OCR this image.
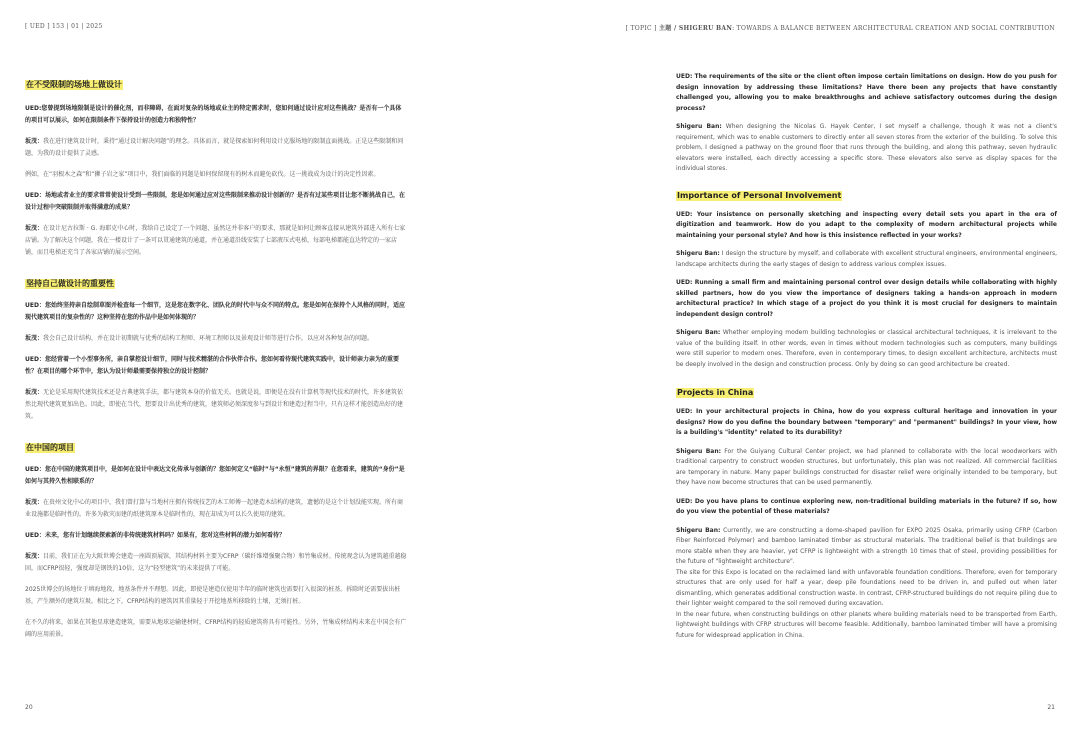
[ UED ] 153 | 01 | 2025
在不受限制的场地上做设计

UED:您曾提到场地限制是设计的催化剂，而非障碍，在面对复杂的场地或业主的特定需求时，您如何通过设计应对这些挑战？是否有一个具体的项目可以展示，如何在限制条件下保持设计的创造力和独特性？

坂茂：我在进行建筑设计时，秉持“通过设计解决问题”的理念。具体而言，就是探索如何利用设计克服场地的限制直面挑战。正是这些限制和问题，为我的设计提供了灵感。

例如，在“羽根木之森”和“狮子岩之家”项目中，我们面临的问题是如何保留现有的树木而避免砍伐。这一挑战成为设计的决定性因素。

UED：场地或者业主的要求常常使设计受到一些限制，您是如何通过应对这些限制来推动设计创新的？是否有过某些项目让您不断挑战自己，在设计过程中突破限制并取得满意的成果？

坂茂：在设计尼古拉斯 · G. 海耶克中心时，我给自己设定了一个问题，虽然这并非客户的要求，那就是如何让顾客直接从建筑外部进入所有七家店铺。为了解决这个问题，我在一楼设计了一条可以贯通建筑的通道，并在通道沿线安装了七部液压式电梯，每部电梯都能直达特定的一家店铺，而且电梯还充当了各家店铺的展示空间。

坚持自己做设计的重要性

UED：您始终坚持亲自绘制草图并检查每一个细节，这是您在数字化、团队化的时代中与众不同的特点。您是如何在保持个人风格的同时，适应现代建筑项目的复杂性的？这种坚持在您的作品中是如何体现的？

坂茂：我会自己设计结构，并在设计初期就与优秀的结构工程师、环境工程师以及景观设计师等进行合作，以应对各种复杂的问题。

UED：您经营着一个小型事务所，亲自掌控设计细节，同时与技术精湛的合作伙伴合作。您如何看待现代建筑实践中，设计师亲力亲为的重要性？在项目的哪个环节中，您认为设计师最需要保持独立的设计控制？

坂茂：无论是采用现代建筑技术还是古典建筑手法，都与建筑本身的价值无关。也就是说，即便是在没有计算机等现代技术的时代，许多建筑依然比现代建筑更加出色。因此，即使在当代，想要设计出优秀的建筑，建筑师必须深度参与到设计和建造过程当中，只有这样才能创造出好的建筑。

在中国的项目

UED：您在中国的建筑项目中，是如何在设计中表达文化传承与创新的？您如何定义“临时”与“永恒”建筑的界限？在您看来，建筑的“身份”是如何与其持久性相联系的？

坂茂：在贵州文化中心的项目中，我们曾打算与当地村庄拥有传统技艺的木工师傅一起建造木结构的建筑，遗憾的是这个计划没能实现。所有商业设施都是临时性的。许多为救灾而建的纸建筑原本是临时性的，现在却成为可以长久使用的建筑。

UED：未来，您有计划继续探索新的非传统建筑材料吗？如果有，您对这些材料的潜力如何看待？

坂茂：目前，我们正在为大阪世博会建造一座圆顶展馆，其结构材料主要为CFRP（碳纤维增强聚合物）和竹集成材。传统观念认为建筑越重越稳固，而CFRP很轻，强度却是钢铁的10倍，这为“轻型建筑”的未来提供了可能。

2025世博会的场地位于填海地段，地基条件并不理想。因此，即使是建造仅使用半年的临时建筑也需要打入很深的桩基。拆除时还需要拔出桩基，产生额外的建筑垃圾。相比之下，CFRP结构的建筑因其重量轻于开挖地基所移除的土壤，无须打桩。

在不久的将来，如果在其他星球建造建筑，需要从地球运输建材时，CFRP结构的轻质建筑将具有可能性。另外，竹集成材结构未来在中国会有广阔的应用前景。

20
[ TOPIC ] 主题 / SHIGERU BAN: TOWARDS A BALANCE BETWEEN ARCHITECTURAL CREATION AND SOCIAL CONTRIBUTION

UED: The requirements of the site or the client often impose certain limitations on design. How do you push for design innovation by addressing these limitations? Have there been any projects that have constantly challenged you, allowing you to make breakthroughs and achieve satisfactory outcomes during the design process?

Shigeru Ban: When designing the Nicolas G. Hayek Center, I set myself a challenge, though it was not a client's requirement, which was to enable customers to directly enter all seven stores from the exterior of the building. To solve this problem, I designed a pathway on the ground floor that runs through the building, and along this pathway, seven hydraulic elevators were installed, each directly accessing a specific store. These elevators also serve as display spaces for the individual stores.

Importance of Personal Involvement

UED: Your insistence on personally sketching and inspecting every detail sets you apart in the era of digitization and teamwork. How do you adapt to the complexity of modern architectural projects while maintaining your personal style? And how is this insistence reflected in your works?

Shigeru Ban: I design the structure by myself, and collaborate with excellent structural engineers, environmental engineers, landscape architects during the early stages of design to address various complex issues.

UED: Running a small firm and maintaining personal control over design details while collaborating with highly skilled partners, how do you view the importance of designers taking a hands-on approach in modern architectural practice? In which stage of a project do you think it is most crucial for designers to maintain independent design control?

Shigeru Ban: Whether employing modern building technologies or classical architectural techniques, it is irrelevant to the value of the building itself. In other words, even in times without modern technologies such as computers, many buildings were still superior to modern ones. Therefore, even in contemporary times, to design excellent architecture, architects must be deeply involved in the design and construction process. Only by doing so can good architecture be created.

Projects in China

UED: In your architectural projects in China, how do you express cultural heritage and innovation in your designs? How do you define the boundary between "temporary" and "permanent" buildings? In your view, how is a building's "identity" related to its durability?

Shigeru Ban: For the Guiyang Cultural Center project, we had planned to collaborate with the local woodworkers with traditional carpentry to construct wooden structures, but unfortunately, this plan was not realized. All commercial facilities are temporary in nature. Many paper buildings constructed for disaster relief were originally intended to be temporary, but they have now become structures that can be used permanently.

UED: Do you have plans to continue exploring new, non-traditional building materials in the future? If so, how do you view the potential of these materials?

Shigeru Ban: Currently, we are constructing a dome-shaped pavilion for EXPO 2025 Osaka, primarily using CFRP (Carbon Fiber Reinforced Polymer) and bamboo laminated timber as structural materials. The traditional belief is that buildings are more stable when they are heavier, yet CFRP is lightweight with a strength 10 times that of steel, providing possibilities for the future of "lightweight architecture".

The site for this Expo is located on the reclaimed land with unfavorable foundation conditions. Therefore, even for temporary structures that are only used for half a year, deep pile foundations need to be driven in, and pulled out when later dismantling, which generates additional construction waste. In contrast, CFRP-structured buildings do not require piling due to their lighter weight compared to the soil removed during excavation.

In the near future, when constructing buildings on other planets where building materials need to be transported from Earth, lightweight buildings with CFRP structures will become feasible. Additionally, bamboo laminated timber will have a promising future for widespread application in China.

21
